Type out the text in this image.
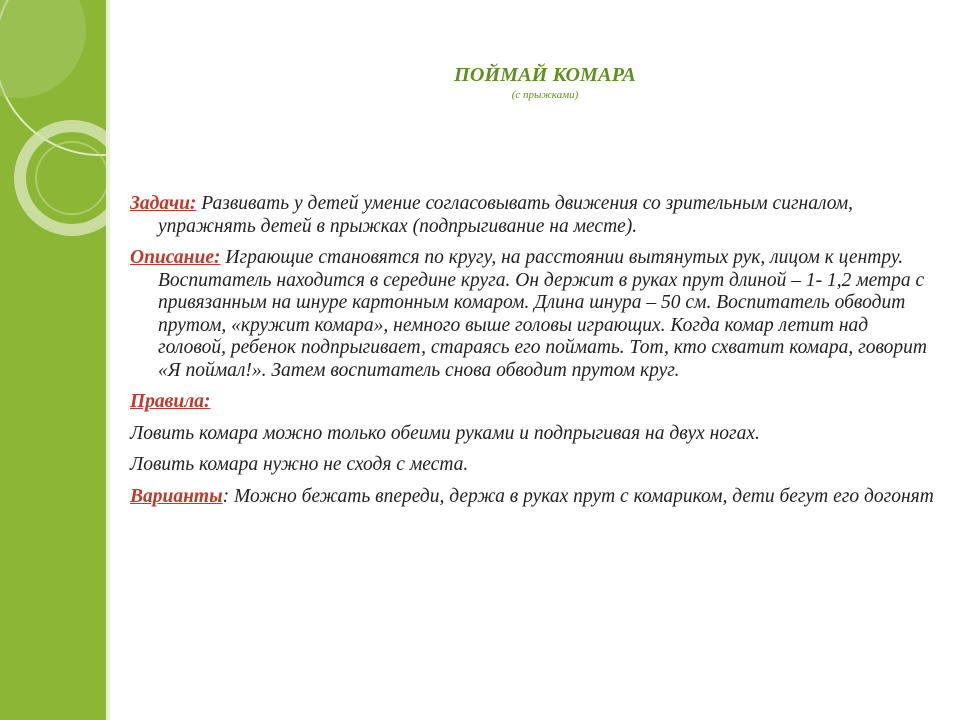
ПОЙМАЙ КОМАРА

(с прыжками)

Задачи: Развивать у детей умение согласовывать движения со зрительным сигналом, упражнять детей в прыжках (подпрыгивание на месте).

Описание: Играющие становятся по кругу, на расстоянии вытянутых рук, лицом к центру. Воспитатель находится в середине круга. Он держит в руках прут длиной – 1- 1,2 метра с привязанным на шнуре картонным комаром. Длина шнура – 50 см. Воспитатель обводит прутом, «кружит комара», немного выше головы играющих. Когда комар летит над головой, ребенок подпрыгивает, стараясь его поймать. Тот, кто схватит комара, говорит «Я поймал!». Затем воспитатель снова обводит прутом круг.

Правила:

Ловить комара можно только обеими руками и подпрыгивая на двух ногах.

Ловить комара нужно не сходя с места.

Варианты: Можно бежать впереди, держа в руках прут с комариком, дети бегут его догонят
